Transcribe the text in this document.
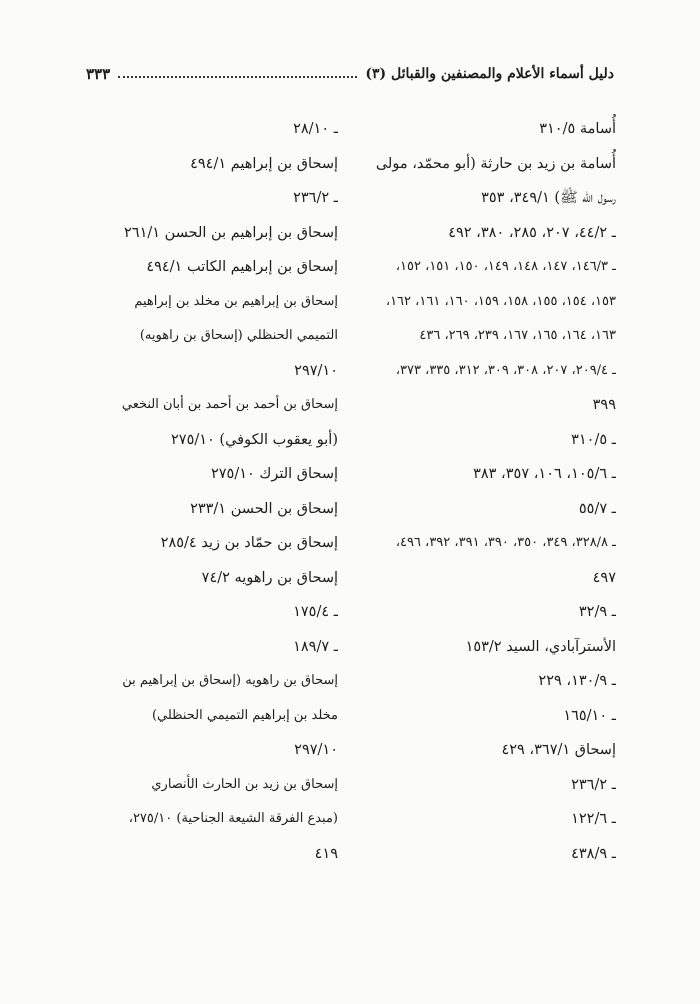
٣٣٣	دليل أسماء الأعلام والمصنفين والقبائل (٣)
ـ ٢٨/١٠
إسحاق بن إبراهيم ٤٩٤/١
ـ ٢٣٦/٢
إسحاق بن إبراهيم بن الحسن ٢٦١/١
إسحاق بن إبراهيم الكاتب ٤٩٤/١
إسحاق بن إبراهيم بن مخلد بن إبراهيم
التميمي الحنظلي (إسحاق بن راهويه)
٢٩٧/١٠
إسحاق بن أحمد بن أحمد بن أبان النخعي
(أبو يعقوب الكوفي) ٢٧٥/١٠
إسحاق الترك ٢٧٥/١٠
إسحاق بن الحسن ٢٣٣/١
إسحاق بن حمّاد بن زيد ٢٨٥/٤
إسحاق بن راهويه ٧٤/٢
ـ ١٧٥/٤
ـ ١٨٩/٧
إسحاق بن راهويه (إسحاق بن إبراهيم بن
مخلد بن إبراهيم التميمي الحنظلي)
٢٩٧/١٠
إسحاق بن زيد بن الحارث الأنصاري
(مبدع الفرقة الشيعة الجناحية) ٢٧٥/١٠،
٤١٩
أُسامة ٣١٠/٥
أُسامة بن زيد بن حارثة (أبو محمّد، مولى
رسول الله ﷺ) ٣٤٩/١، ٣٥٣
ـ ٤٤/٢، ٢٠٧، ٢٨٥، ٣٨٠، ٤٩٢
ـ ١٤٦/٣، ١٤٧، ١٤٨، ١٤٩، ١٥٠، ١٥١، ١٥٢،
١٥٣، ١٥٤، ١٥٥، ١٥٨، ١٥٩، ١٦٠، ١٦١، ١٦٢،
١٦٣، ١٦٤، ١٦٥، ١٦٧، ٢٣٩، ٢٦٩، ٤٣٦
ـ ٢٠٩/٤، ٢٠٧، ٣٠٨، ٣٠٩، ٣١٢، ٣٣٥، ٣٧٣،
٣٩٩
ـ ٣١٠/٥
ـ ١٠٥/٦، ١٠٦، ٣٥٧، ٣٨٣
ـ ٥٥/٧
ـ ٣٢٨/٨، ٣٤٩، ٣٥٠، ٣٩٠، ٣٩١، ٣٩٢، ٤٩٦،
٤٩٧
ـ ٣٢/٩
الأسترآبادي، السيد ١٥٣/٢
ـ ١٣٠/٩، ٢٢٩
ـ ١٦٥/١٠
إسحاق ٣٦٧/١، ٤٢٩
ـ ٢٣٦/٢
ـ ١٢٢/٦
ـ ٤٣٨/٩
